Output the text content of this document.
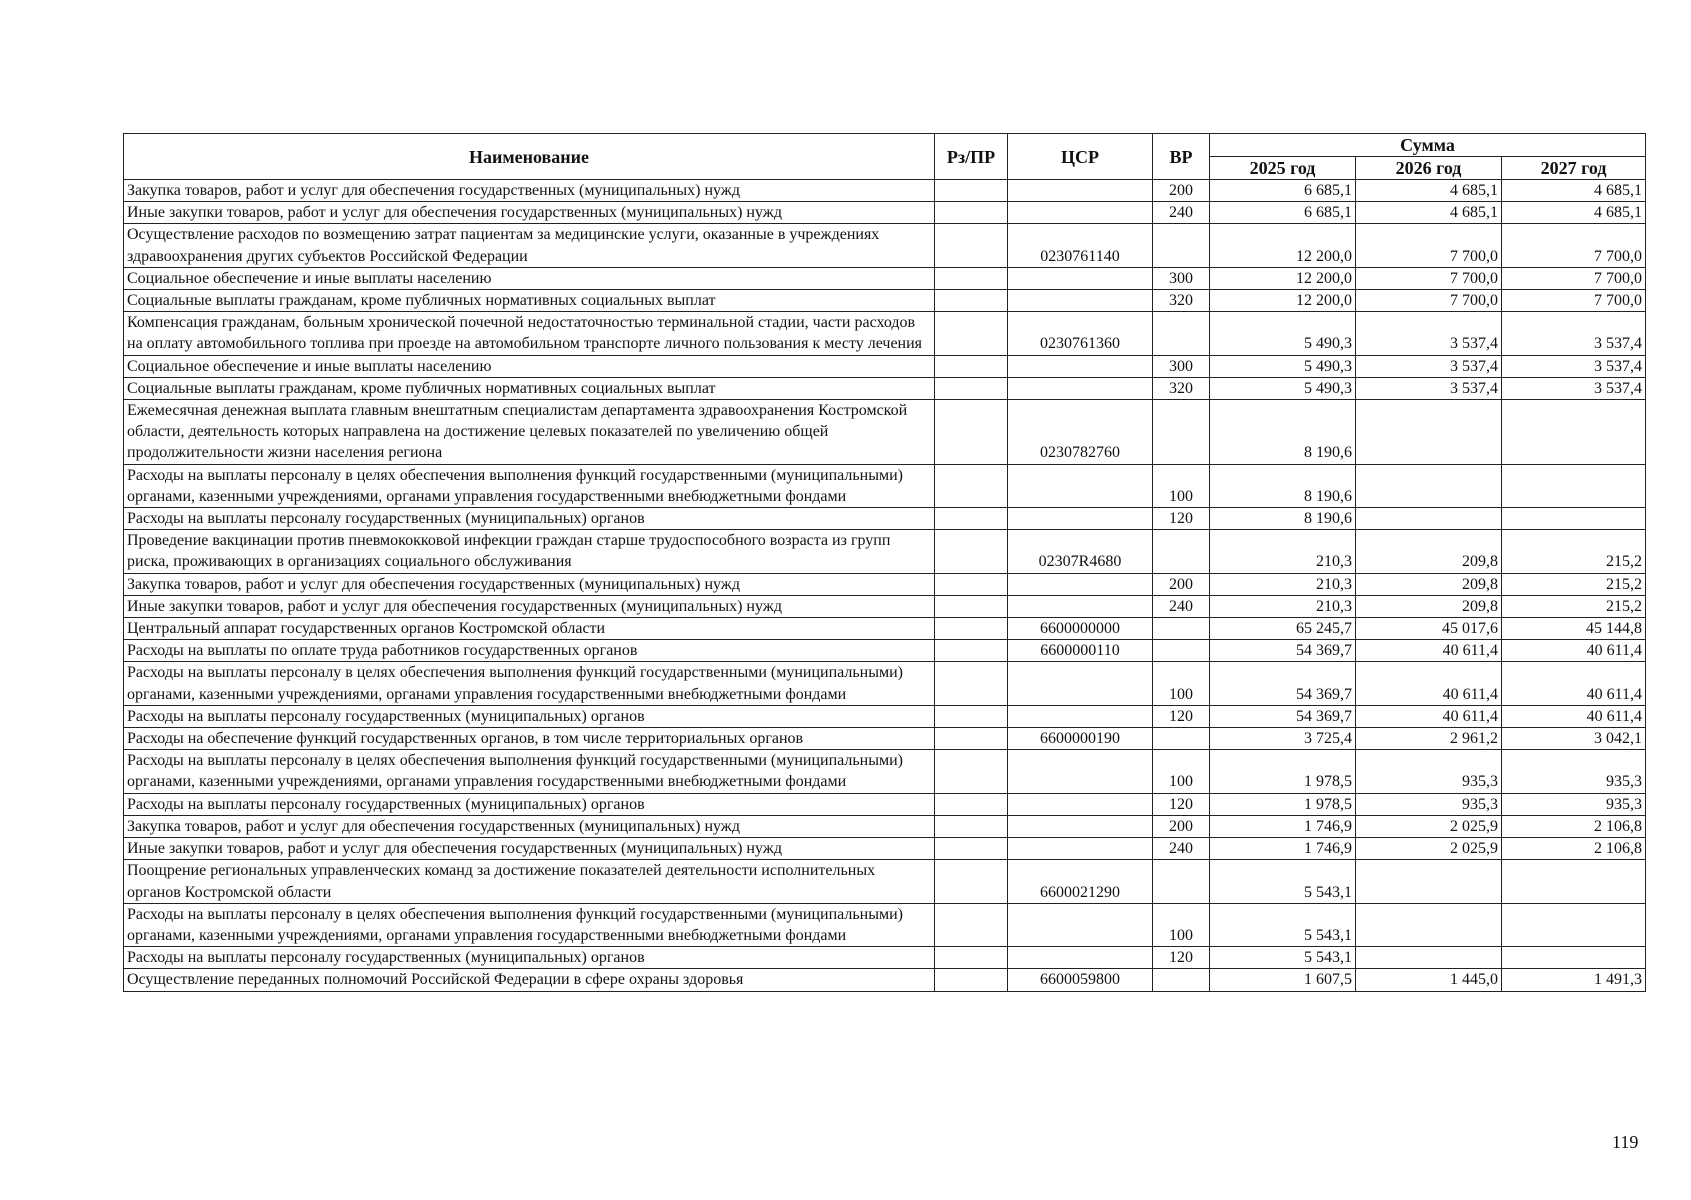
Наименование	Рз/ПР	ЦСР	ВР	Сумма		
				2025 год	2026 год	2027 год
Закупка товаров, работ и услуг для обеспечения государственных (муниципальных) нужд			200	6 685,1	4 685,1	4 685,1
Иные закупки товаров, работ и услуг для обеспечения государственных (муниципальных) нужд			240	6 685,1	4 685,1	4 685,1
Осуществление расходов по возмещению затрат пациентам за медицинские услуги, оказанные в учреждениях здравоохранения других субъектов Российской Федерации		0230761140		12 200,0	7 700,0	7 700,0
Социальное обеспечение и иные выплаты населению			300	12 200,0	7 700,0	7 700,0
Социальные выплаты гражданам, кроме публичных нормативных социальных выплат			320	12 200,0	7 700,0	7 700,0
Компенсация гражданам, больным хронической почечной недостаточностью терминальной стадии, части расходов на оплату автомобильного топлива при проезде на автомобильном транспорте личного пользования к месту лечения		0230761360		5 490,3	3 537,4	3 537,4
Социальное обеспечение и иные выплаты населению			300	5 490,3	3 537,4	3 537,4
Социальные выплаты гражданам, кроме публичных нормативных социальных выплат			320	5 490,3	3 537,4	3 537,4
Ежемесячная денежная выплата главным внештатным специалистам департамента здравоохранения Костромской области, деятельность которых направлена на достижение целевых показателей по увеличению общей продолжительности жизни населения региона		0230782760		8 190,6		
Расходы на выплаты персоналу в целях обеспечения выполнения функций государственными (муниципальными) органами, казенными учреждениями, органами управления государственными внебюджетными фондами			100	8 190,6		
Расходы на выплаты персоналу государственных (муниципальных) органов			120	8 190,6		
Проведение вакцинации против пневмококковой инфекции граждан старше трудоспособного возраста из групп риска, проживающих в организациях социального обслуживания		02307R4680		210,3	209,8	215,2
Закупка товаров, работ и услуг для обеспечения государственных (муниципальных) нужд			200	210,3	209,8	215,2
Иные закупки товаров, работ и услуг для обеспечения государственных (муниципальных) нужд			240	210,3	209,8	215,2
Центральный аппарат государственных органов Костромской области		6600000000		65 245,7	45 017,6	45 144,8
Расходы на выплаты по оплате труда работников государственных органов		6600000110		54 369,7	40 611,4	40 611,4
Расходы на выплаты персоналу в целях обеспечения выполнения функций государственными (муниципальными) органами, казенными учреждениями, органами управления государственными внебюджетными фондами			100	54 369,7	40 611,4	40 611,4
Расходы на выплаты персоналу государственных (муниципальных) органов			120	54 369,7	40 611,4	40 611,4
Расходы на обеспечение функций государственных органов, в том числе территориальных органов		6600000190		3 725,4	2 961,2	3 042,1
Расходы на выплаты персоналу в целях обеспечения выполнения функций государственными (муниципальными) органами, казенными учреждениями, органами управления государственными внебюджетными фондами			100	1 978,5	935,3	935,3
Расходы на выплаты персоналу государственных (муниципальных) органов			120	1 978,5	935,3	935,3
Закупка товаров, работ и услуг для обеспечения государственных (муниципальных) нужд			200	1 746,9	2 025,9	2 106,8
Иные закупки товаров, работ и услуг для обеспечения государственных (муниципальных) нужд			240	1 746,9	2 025,9	2 106,8
Поощрение региональных управленческих команд за достижение показателей деятельности исполнительных органов Костромской области		6600021290		5 543,1		
Расходы на выплаты персоналу в целях обеспечения выполнения функций государственными (муниципальными) органами, казенными учреждениями, органами управления государственными внебюджетными фондами			100	5 543,1		
Расходы на выплаты персоналу государственных (муниципальных) органов			120	5 543,1		
Осуществление переданных полномочий Российской Федерации в сфере охраны здоровья		6600059800		1 607,5	1 445,0	1 491,3
119
